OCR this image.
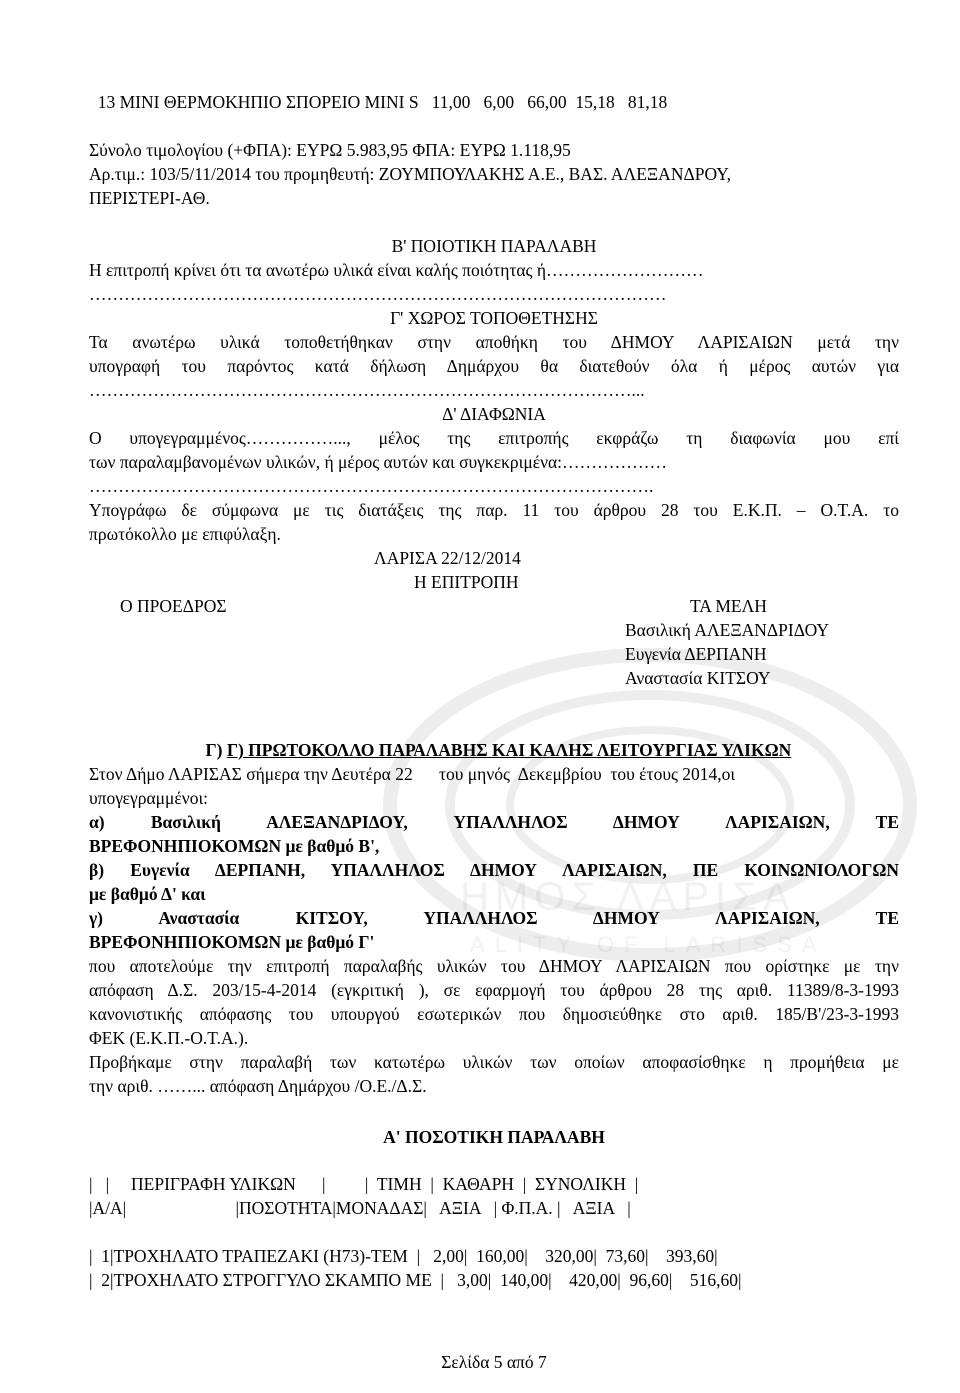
13 ΜΙΝΙ ΘΕΡΜΟΚΗΠΙΟ ΣΠΟΡΕΙΟ ΜΙΝΙ S   11,00   6,00   66,00  15,18   81,18
Σύνολο τιμολογίου (+ΦΠΑ): ΕΥΡΩ 5.983,95 ΦΠΑ: ΕΥΡΩ 1.118,95
Αρ.τιμ.: 103/5/11/2014 του προμηθευτή: ΖΟΥΜΠΟΥΛΑΚΗΣ Α.Ε., ΒΑΣ. ΑΛΕΞΑΝΔΡΟΥ,
ΠΕΡΙΣΤΕΡΙ-ΑΘ.
Β' ΠΟΙΟΤΙΚΗ ΠΑΡΑΛΑΒΗ
Η επιτροπή κρίνει ότι τα ανωτέρω υλικά είναι καλής ποιότητας ή………………………
………………………………………………………………………………………
Γ' ΧΩΡΟΣ ΤΟΠΟΘΕΤΗΣΗΣ
Τα ανωτέρω υλικά τοποθετήθηκαν στην αποθήκη του ΔΗΜΟΥ ΛΑΡΙΣΑΙΩΝ μετά την
υπογραφή του παρόντος κατά δήλωση Δημάρχου θα διατεθούν όλα ή μέρος αυτών για
…………………………………………………………………………………...
Δ' ΔΙΑΦΩΝΙΑ
Ο υπογεγραμμένος……………..., μέλος της επιτροπής εκφράζω τη διαφωνία μου επί
των παραλαμβανομένων υλικών, ή μέρος αυτών και συγκεκριμένα:………………
…………………………………………………………………………………….
Υπογράφω δε σύμφωνα με τις διατάξεις της παρ. 11 του άρθρου 28 του Ε.Κ.Π. – Ο.Τ.Α. το
πρωτόκολλο με επιφύλαξη.
ΛΑΡΙΣΑ 22/12/2014
Η ΕΠΙΤΡΟΠΗ
Ο ΠΡΟΕΔΡΟΣ	ΤΑ ΜΕΛΗ
Βασιλική ΑΛΕΞΑΝΔΡΙΔΟΥ
Ευγενία ΔΕΡΠΑΝΗ
Αναστασία ΚΙΤΣΟΥ

Γ) Γ) ΠΡΩΤΟΚΟΛΛΟ ΠΑΡΑΛΑΒΗΣ ΚΑΙ ΚΑΛΗΣ ΛΕΙΤΟΥΡΓΙΑΣ ΥΛΙΚΩΝ

Στον Δήμο ΛΑΡΙΣΑΣ σήμερα την Δευτέρα 22      του μηνός  Δεκεμβρίου  του έτους 2014,οι
υπογεγραμμένοι:
α) Βασιλική ΑΛΕΞΑΝΔΡΙΔΟΥ, ΥΠΑΛΛΗΛΟΣ ΔΗΜΟΥ ΛΑΡΙΣΑΙΩΝ, ΤΕ
ΒΡΕΦΟΝΗΠΙΟΚΟΜΩΝ με βαθμό Β',
β) Ευγενία ΔΕΡΠΑΝΗ, ΥΠΑΛΛΗΛΟΣ ΔΗΜΟΥ ΛΑΡΙΣΑΙΩΝ, ΠΕ ΚΟΙΝΩΝΙΟΛΟΓΩΝ
με βαθμό Δ' και
γ) Αναστασία ΚΙΤΣΟΥ, ΥΠΑΛΛΗΛΟΣ ΔΗΜΟΥ ΛΑΡΙΣΑΙΩΝ, ΤΕ
ΒΡΕΦΟΝΗΠΙΟΚΟΜΩΝ με βαθμό Γ'
που αποτελούμε την επιτροπή παραλαβής υλικών του ΔΗΜΟΥ ΛΑΡΙΣΑΙΩΝ που ορίστηκε με την
απόφαση Δ.Σ. 203/15-4-2014 (εγκριτική ), σε εφαρμογή του άρθρου 28 της αριθ. 11389/8-3-1993
κανονιστικής απόφασης του υπουργού εσωτερικών που δημοσιεύθηκε στο αριθ. 185/Β'/23-3-1993
ΦΕΚ (Ε.Κ.Π.-Ο.Τ.Α.).
Προβήκαμε στην παραλαβή των κατωτέρω υλικών των οποίων αποφασίσθηκε η προμήθεια με
την αριθ. ……... απόφαση Δημάρχου /Ο.Ε./Δ.Σ.
Α' ΠΟΣΟΤΙΚΗ ΠΑΡΑΛΑΒΗ
|   |     ΠΕΡΙΓΡΑΦΗ ΥΛΙΚΩΝ      |         |  ΤΙΜΗ  |  ΚΑΘΑΡΗ  |  ΣΥΝΟΛΙΚΗ  |
|Α/Α|                         |ΠΟΣΟΤΗΤΑ|ΜΟΝΑΔΑΣ|   ΑΞΙΑ   | Φ.Π.Α. |   ΑΞΙΑ   |
|  1|ΤΡΟΧΗΛΑΤΟ ΤΡΑΠΕΖΑΚΙ (Η73)-ΤΕΜ  |   2,00|  160,00|    320,00|  73,60|    393,60|
|  2|ΤΡΟΧΗΛΑΤΟ ΣΤΡΟΓΓΥΛΟ ΣΚΑΜΠΟ ΜΕ  |   3,00|  140,00|    420,00|  96,60|    516,60|
Σελίδα 5 από 7
ΗΜΟΣ ΛΑΡΙΣΑ
ALITY OF LARISSA
